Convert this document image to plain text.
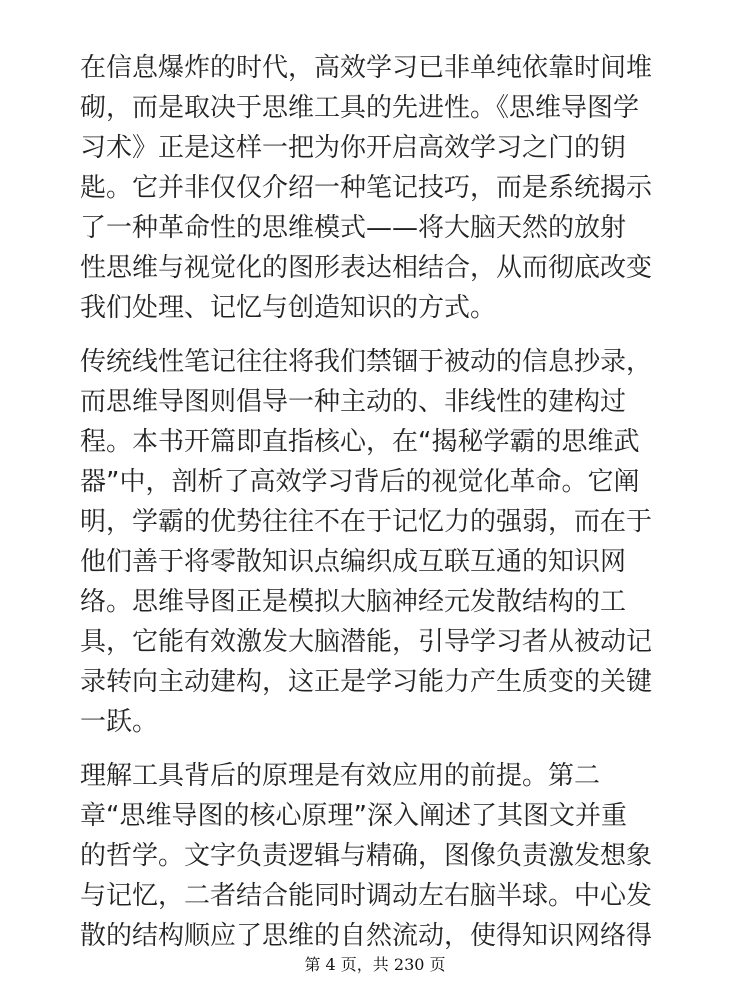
在信息爆炸的时代，高效学习已非单纯依靠时间堆
砌，而是取决于思维工具的先进性。《思维导图学
习术》正是这样一把为你开启高效学习之门的钥
匙。它并非仅仅介绍一种笔记技巧，而是系统揭示
了一种革命性的思维模式——将大脑天然的放射
性思维与视觉化的图形表达相结合，从而彻底改变
我们处理、记忆与创造知识的方式。

传统线性笔记往往将我们禁锢于被动的信息抄录，
而思维导图则倡导一种主动的、非线性的建构过
程。本书开篇即直指核心，在“揭秘学霸的思维武
器”中，剖析了高效学习背后的视觉化革命。它阐
明，学霸的优势往往不在于记忆力的强弱，而在于
他们善于将零散知识点编织成互联互通的知识网
络。思维导图正是模拟大脑神经元发散结构的工
具，它能有效激发大脑潜能，引导学习者从被动记
录转向主动建构，这正是学习能力产生质变的关键
一跃。

理解工具背后的原理是有效应用的前提。第二
章“思维导图的核心原理”深入阐述了其图文并重
的哲学。文字负责逻辑与精确，图像负责激发想象
与记忆，二者结合能同时调动左右脑半球。中心发
散的结构顺应了思维的自然流动，使得知识网络得

第 4 页，共 230 页
